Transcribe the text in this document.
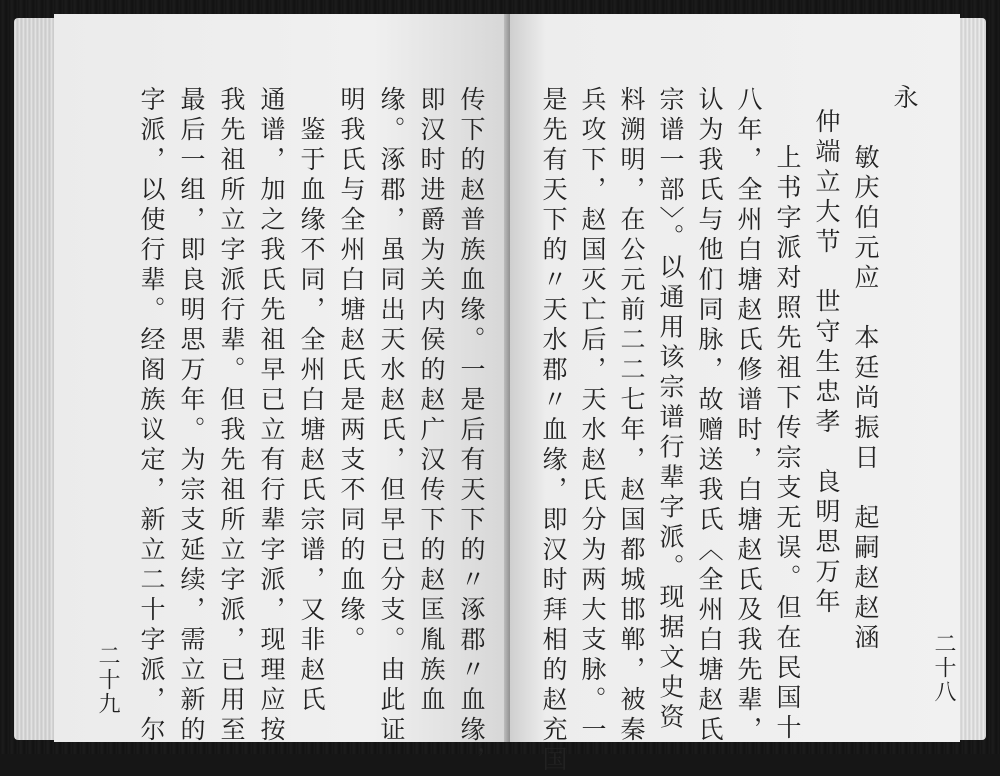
传下的赵普族血缘。一是后有天下的〃涿郡〃血缘，
即汉时进爵为关内侯的赵广汉传下的赵匡胤族血
缘。涿郡，虽同出天水赵氏，但早已分支。由此证
明我氏与全州白塘赵氏是两支不同的血缘。
鉴于血缘不同，全州白塘赵氏宗谱，又非赵氏
通谱，加之我氏先祖早已立有行辈字派，现理应按
我先祖所立字派行辈。但我先祖所立字派，已用至
最后一组，即良明思万年。为宗支延续，需立新的
字派，以使行辈。经阁族议定，新立二十字派，尔
二十九
永
敏庆伯元应　本廷尚振日　起嗣赵赵涵
仲端立大节　世守生忠孝　良明思万年
上书字派对照先祖下传宗支无误。但在民国十
八年，全州白塘赵氏修谱时，白塘赵氏及我先辈，
认为我氏与他们同脉，故赠送我氏〈全州白塘赵氏
宗谱一部〉。以通用该宗谱行辈字派。现据文史资
料溯明，在公元前二二七年，赵国都城邯郸，被秦
兵攻下，赵国灭亡后，天水赵氏分为两大支脉。一
是先有天下的〃天水郡〃血缘，即汉时拜相的赵充国	二十八
